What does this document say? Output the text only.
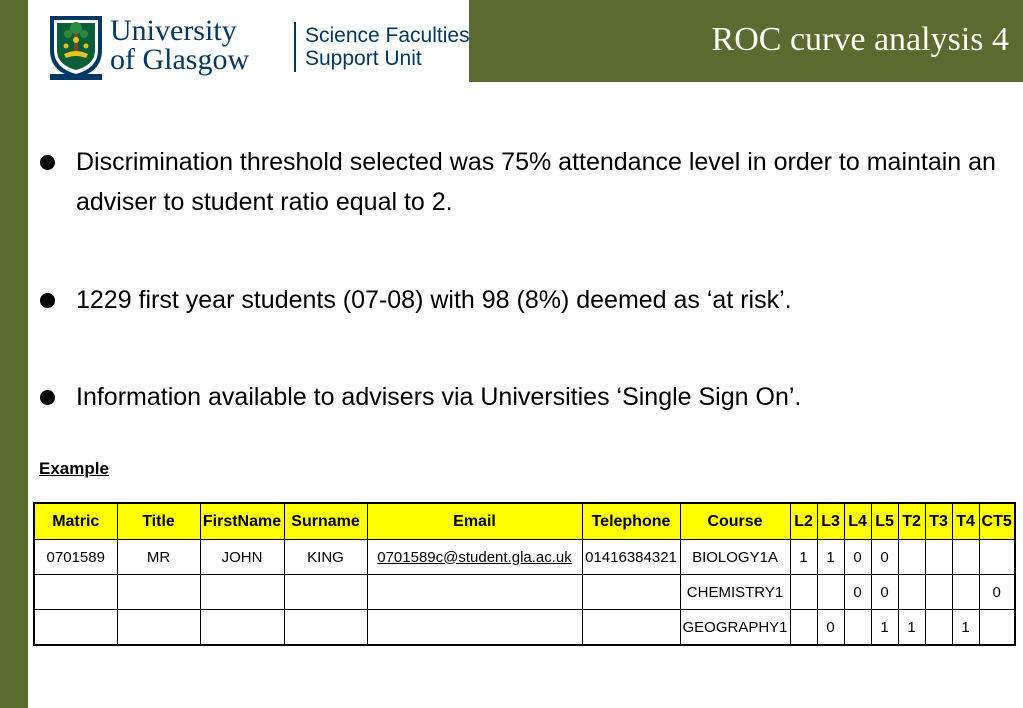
ROC curve analysis 4
University
of Glasgow
Science Faculties
Support Unit
Discrimination threshold selected was 75% attendance level in order to maintain an adviser to student ratio equal to 2.
1229 first year students (07-08) with 98 (8%) deemed as ‘at risk’.
Information available to advisers via Universities ‘Single Sign On’.
Example
Matric	Title	FirstName	Surname	Email	Telephone	Course	L2	L3	L4	L5	T2	T3	T4	CT5
0701589	MR	JOHN	KING	0701589c@student.gla.ac.uk	01416384321	BIOLOGY1A	1	1	0	0				
						CHEMISTRY1			0	0				0
						GEOGRAPHY1		0		1	1		1	
